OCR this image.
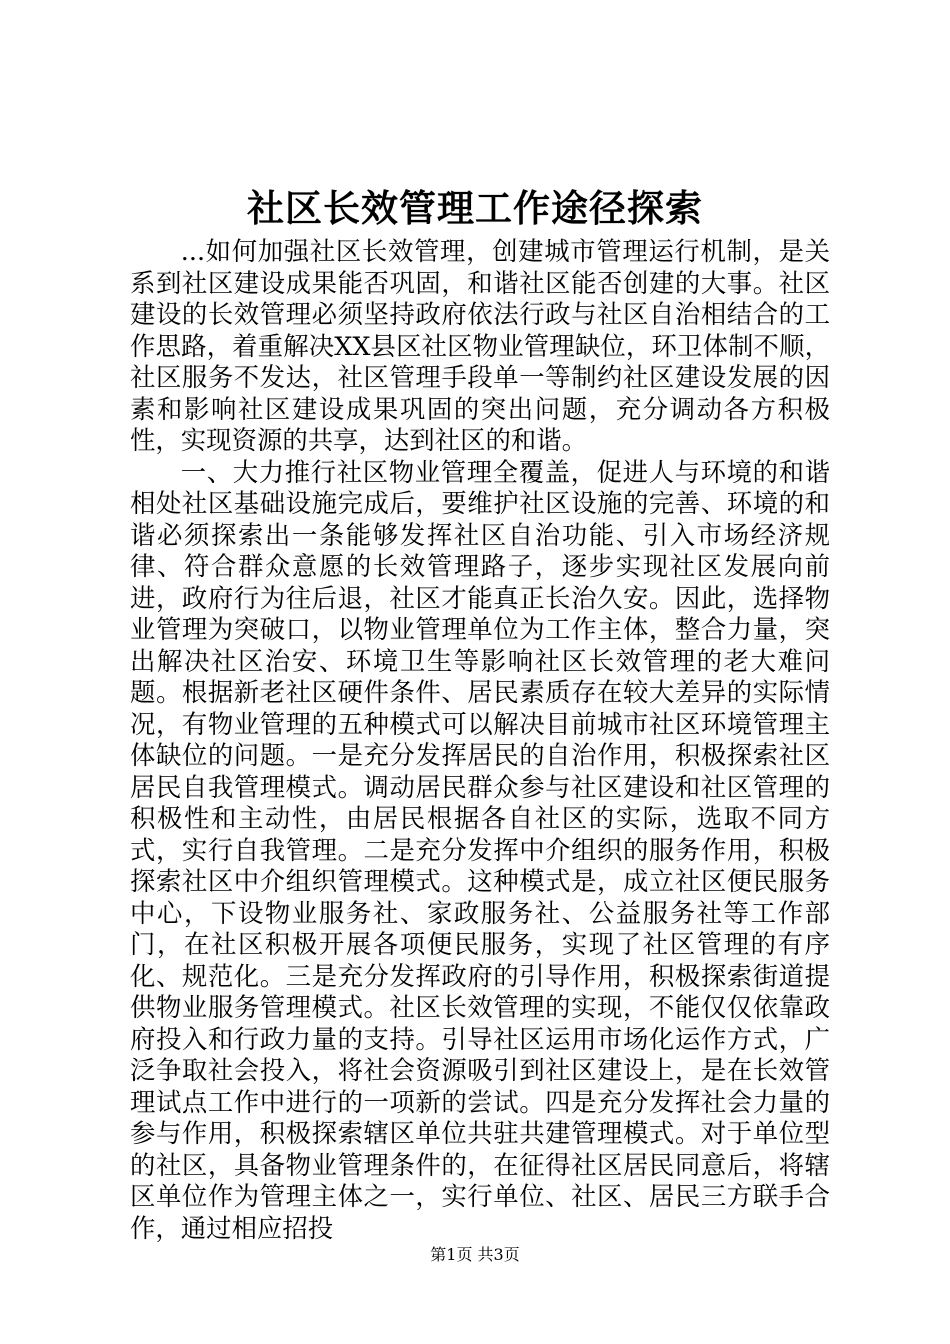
社区长效管理工作途径探索

...如何加强社区长效管理，创建城市管理运行机制，是关系到社区建设成果能否巩固，和谐社区能否创建的大事。社区建设的长效管理必须坚持政府依法行政与社区自治相结合的工作思路，着重解决XX县区社区物业管理缺位，环卫体制不顺，社区服务不发达，社区管理手段单一等制约社区建设发展的因素和影响社区建设成果巩固的突出问题，充分调动各方积极性，实现资源的共享，达到社区的和谐。

一、大力推行社区物业管理全覆盖，促进人与环境的和谐相处社区基础设施完成后，要维护社区设施的完善、环境的和谐必须探索出一条能够发挥社区自治功能、引入市场经济规律、符合群众意愿的长效管理路子，逐步实现社区发展向前进，政府行为往后退，社区才能真正长治久安。因此，选择物业管理为突破口，以物业管理单位为工作主体，整合力量，突出解决社区治安、环境卫生等影响社区长效管理的老大难问题。根据新老社区硬件条件、居民素质存在较大差异的实际情况，有物业管理的五种模式可以解决目前城市社区环境管理主体缺位的问题。一是充分发挥居民的自治作用，积极探索社区居民自我管理模式。调动居民群众参与社区建设和社区管理的积极性和主动性，由居民根据各自社区的实际，选取不同方式，实行自我管理。二是充分发挥中介组织的服务作用，积极探索社区中介组织管理模式。这种模式是，成立社区便民服务中心，下设物业服务社、家政服务社、公益服务社等工作部门，在社区积极开展各项便民服务，实现了社区管理的有序化、规范化。三是充分发挥政府的引导作用，积极探索街道提供物业服务管理模式。社区长效管理的实现，不能仅仅依靠政府投入和行政力量的支持。引导社区运用市场化运作方式，广泛争取社会投入，将社会资源吸引到社区建设上，是在长效管理试点工作中进行的一项新的尝试。四是充分发挥社会力量的参与作用，积极探索辖区单位共驻共建管理模式。对于单位型的社区，具备物业管理条件的，在征得社区居民同意后，将辖区单位作为管理主体之一，实行单位、社区、居民三方联手合作，通过相应招投

第1页 共3页
